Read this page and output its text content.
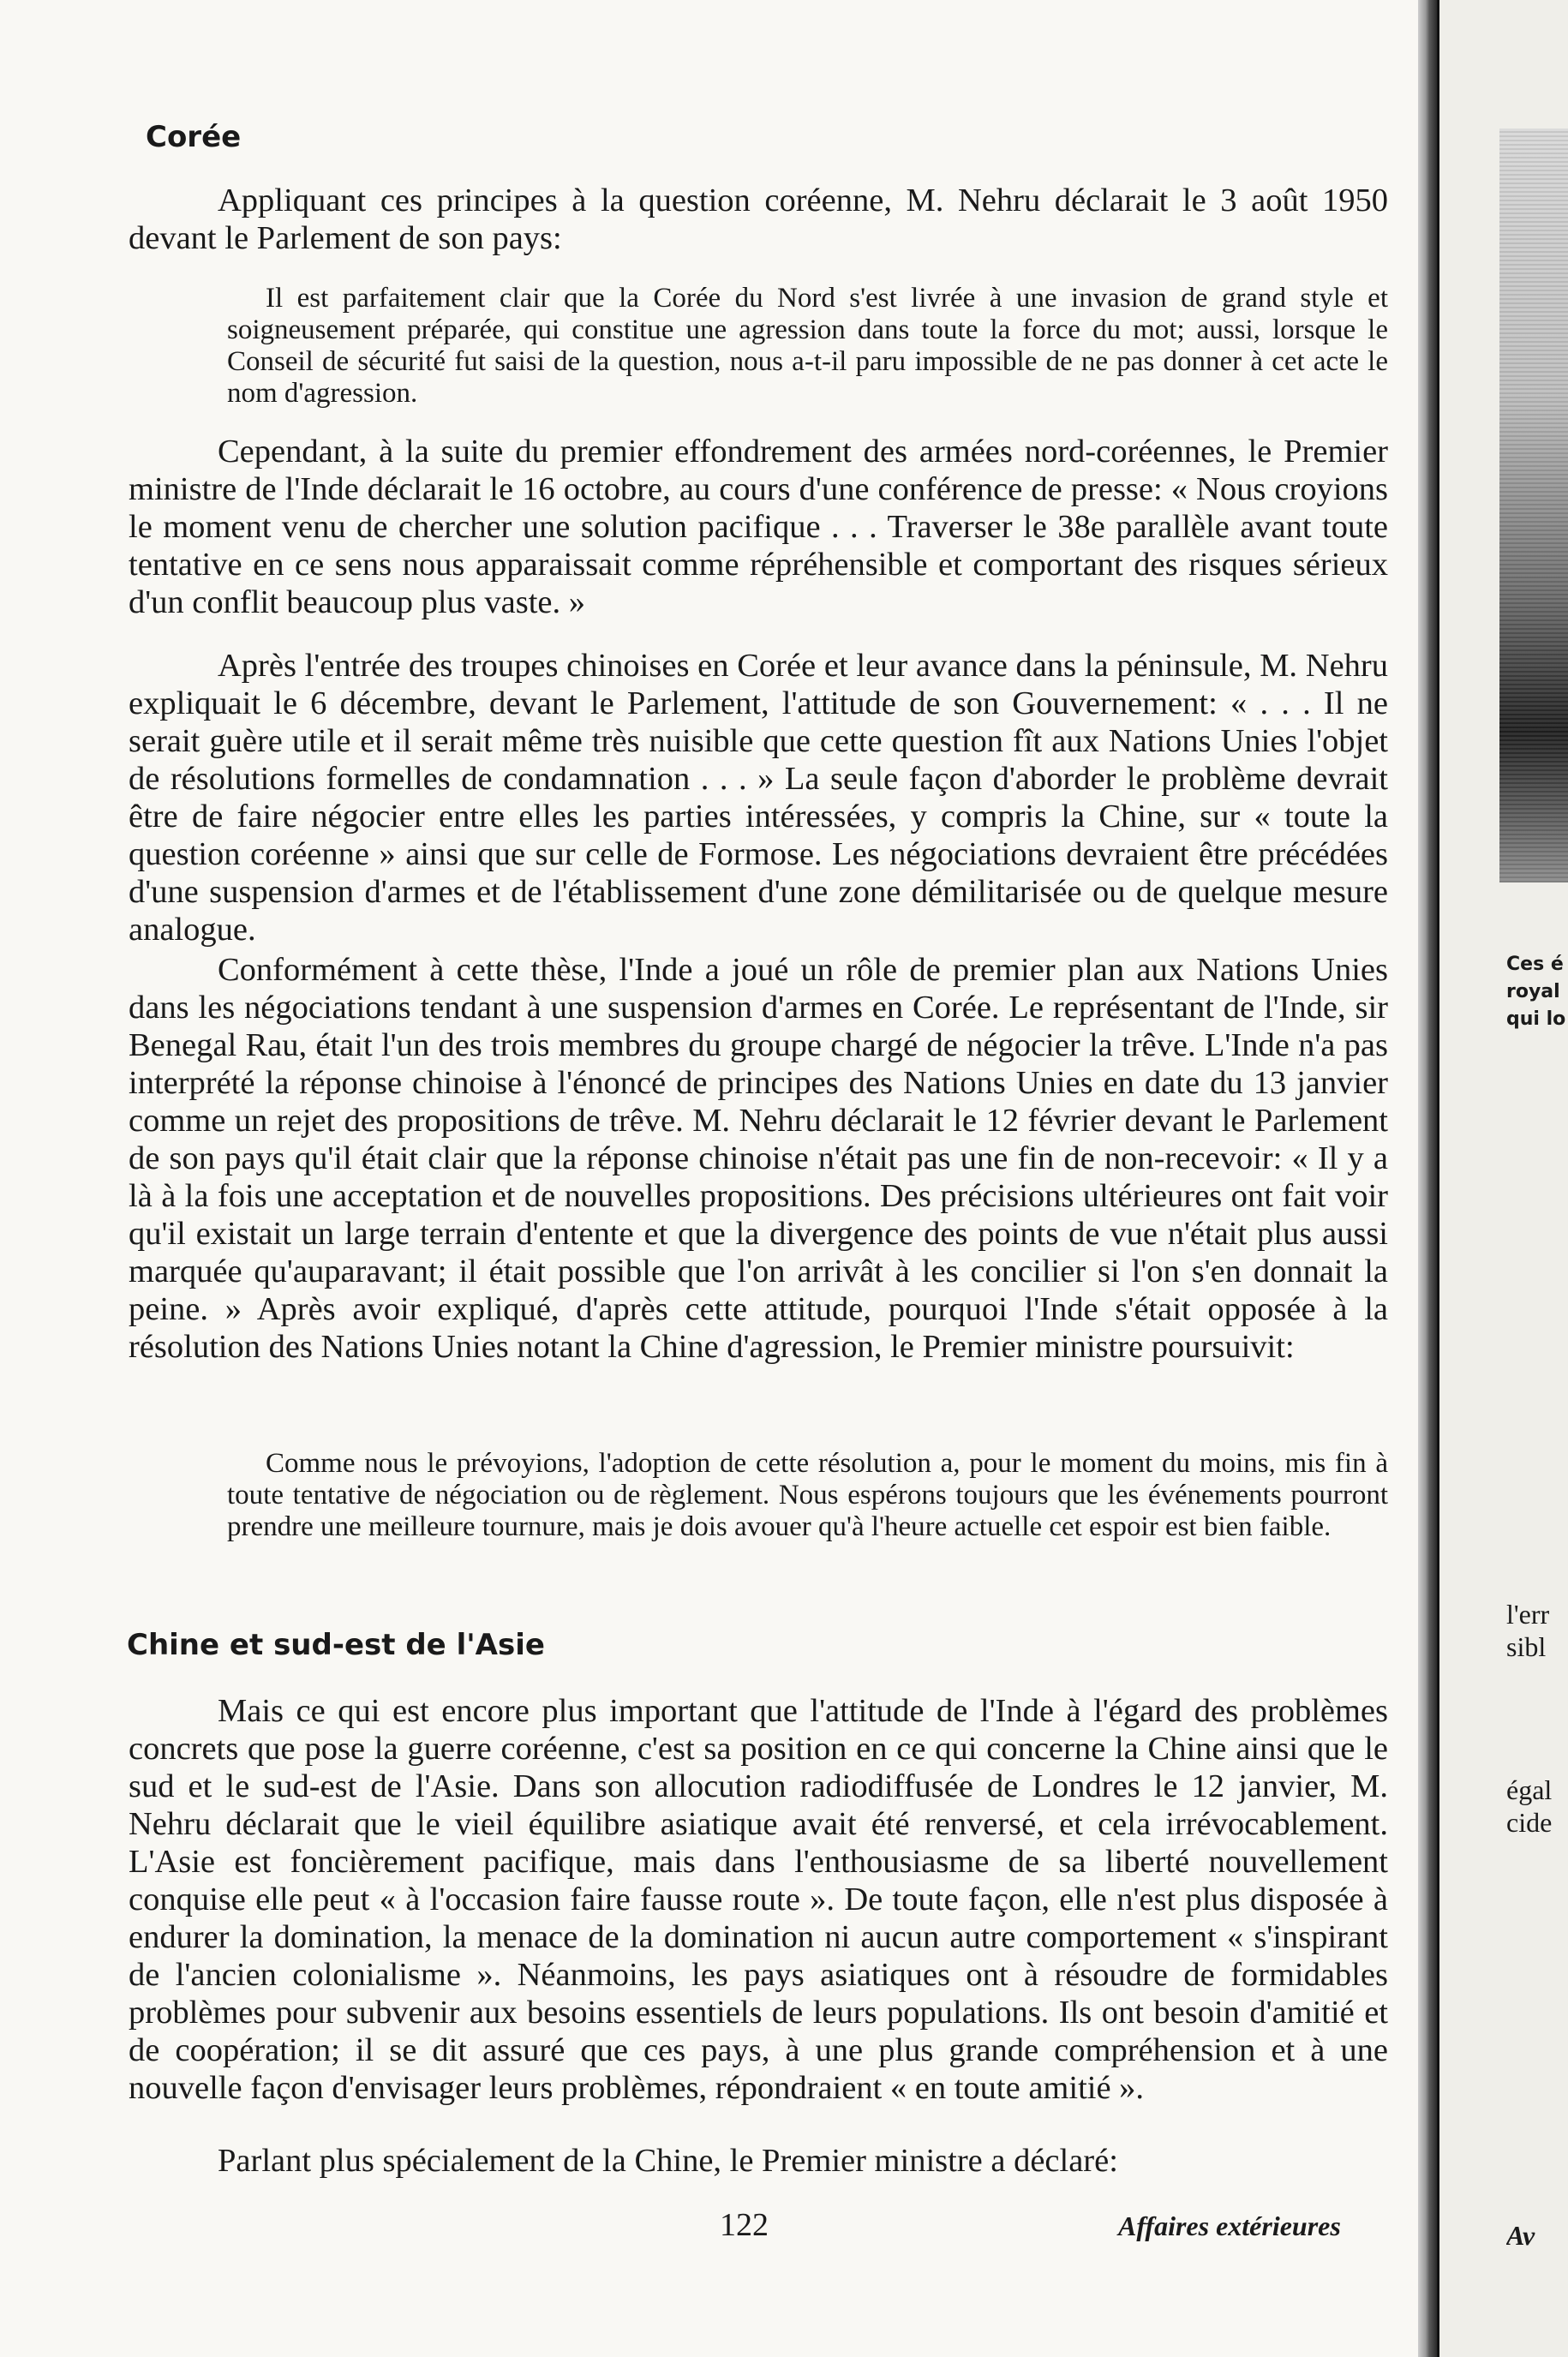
Corée

Appliquant ces principes à la question coréenne, M. Nehru déclarait le 3 août 1950 devant le Parlement de son pays:

Il est parfaitement clair que la Corée du Nord s'est livrée à une invasion de grand style et soigneusement préparée, qui constitue une agression dans toute la force du mot; aussi, lorsque le Conseil de sécurité fut saisi de la question, nous a-t-il paru impossible de ne pas donner à cet acte le nom d'agression.

Cependant, à la suite du premier effondrement des armées nord-coréennes, le Premier ministre de l'Inde déclarait le 16 octobre, au cours d'une conférence de presse: « Nous croyions le moment venu de chercher une solution pacifique . . . Traverser le 38e parallèle avant toute tentative en ce sens nous apparaissait comme répréhensible et comportant des risques sérieux d'un conflit beaucoup plus vaste. »

Après l'entrée des troupes chinoises en Corée et leur avance dans la péninsule, M. Nehru expliquait le 6 décembre, devant le Parlement, l'attitude de son Gouvernement: « . . . Il ne serait guère utile et il serait même très nuisible que cette question fît aux Nations Unies l'objet de résolutions formelles de condamnation . . . » La seule façon d'aborder le problème devrait être de faire négocier entre elles les parties intéressées, y compris la Chine, sur « toute la question coréenne » ainsi que sur celle de Formose. Les négociations devraient être précédées d'une suspension d'armes et de l'établissement d'une zone démilitarisée ou de quelque mesure analogue.

Conformément à cette thèse, l'Inde a joué un rôle de premier plan aux Nations Unies dans les négociations tendant à une suspension d'armes en Corée. Le représentant de l'Inde, sir Benegal Rau, était l'un des trois membres du groupe chargé de négocier la trêve. L'Inde n'a pas interprété la réponse chinoise à l'énoncé de principes des Nations Unies en date du 13 janvier comme un rejet des propositions de trêve. M. Nehru déclarait le 12 février devant le Parlement de son pays qu'il était clair que la réponse chinoise n'était pas une fin de non-recevoir: « Il y a là à la fois une acceptation et de nouvelles propositions. Des précisions ultérieures ont fait voir qu'il existait un large terrain d'entente et que la divergence des points de vue n'était plus aussi marquée qu'auparavant; il était possible que l'on arrivât à les concilier si l'on s'en donnait la peine. » Après avoir expliqué, d'après cette attitude, pourquoi l'Inde s'était opposée à la résolution des Nations Unies notant la Chine d'agression, le Premier ministre poursuivit:

Comme nous le prévoyions, l'adoption de cette résolution a, pour le moment du moins, mis fin à toute tentative de négociation ou de règlement. Nous espérons toujours que les événements pourront prendre une meilleure tournure, mais je dois avouer qu'à l'heure actuelle cet espoir est bien faible.

Chine et sud-est de l'Asie

Mais ce qui est encore plus important que l'attitude de l'Inde à l'égard des problèmes concrets que pose la guerre coréenne, c'est sa position en ce qui concerne la Chine ainsi que le sud et le sud-est de l'Asie. Dans son allocution radiodiffusée de Londres le 12 janvier, M. Nehru déclarait que le vieil équilibre asiatique avait été renversé, et cela irrévocablement. L'Asie est foncièrement pacifique, mais dans l'enthousiasme de sa liberté nouvellement conquise elle peut « à l'occasion faire fausse route ». De toute façon, elle n'est plus disposée à endurer la domination, la menace de la domination ni aucun autre comportement « s'inspirant de l'ancien colonialisme ». Néanmoins, les pays asiatiques ont à résoudre de formidables problèmes pour subvenir aux besoins essentiels de leurs populations. Ils ont besoin d'amitié et de coopération; il se dit assuré que ces pays, à une plus grande compréhension et à une nouvelle façon d'envisager leurs problèmes, répondraient « en toute amitié ».

Parlant plus spécialement de la Chine, le Premier ministre a déclaré:

122	Affaires extérieures
Ces é
royal
qui lo
l'err
sibl
égal
cide
Av
